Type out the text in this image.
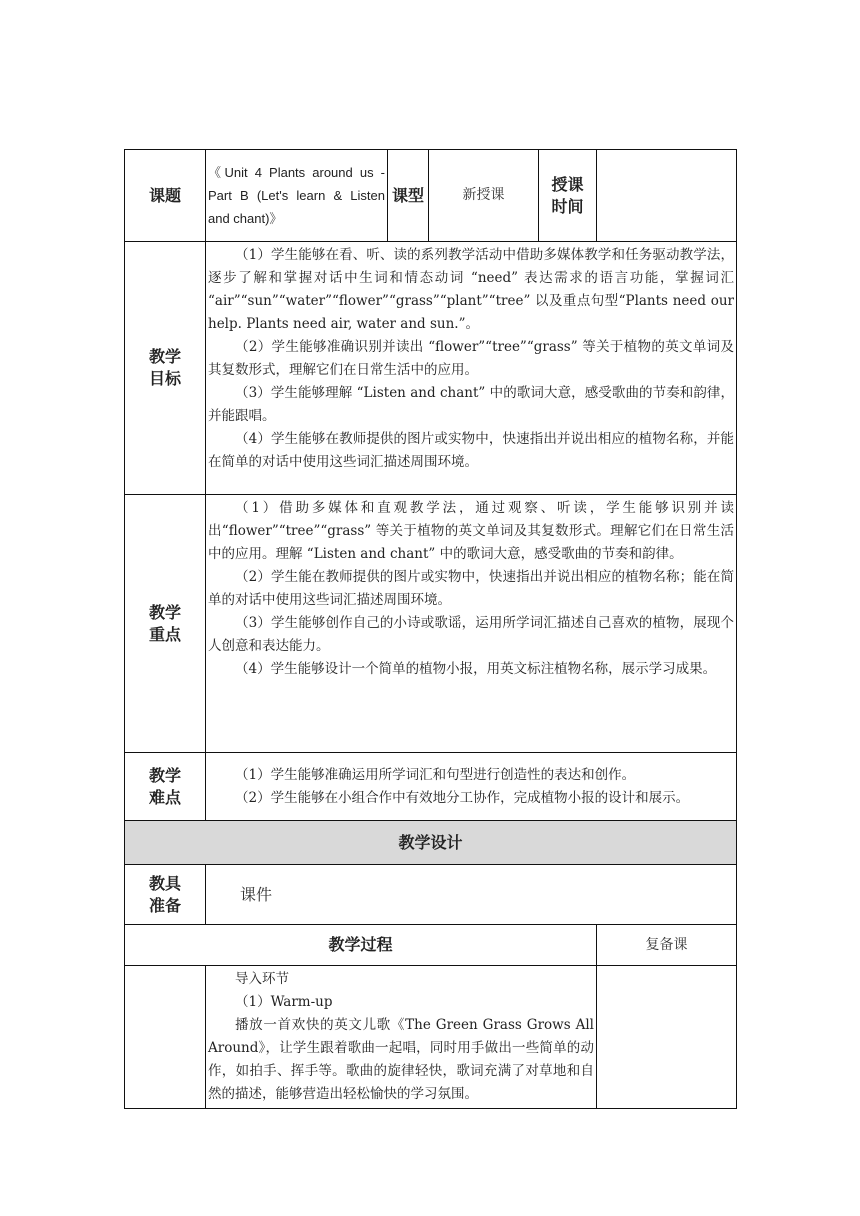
课题	《Unit 4 Plants around us - Part B (Let's learn & Listen and chant)》	课型	新授课	授课时间	
教学目标	（1）学生能够在看、听、读的系列教学活动中借助多媒体教学和任务驱动教学法，逐步了解和掌握对话中生词和情态动词 “need” 表达需求的语言功能，掌握词汇 “air”“sun”“water”“flower”“grass”“plant”“tree” 以及重点句型“Plants need our help. Plants need air, water and sun.”。

（2）学生能够准确识别并读出 “flower”“tree”“grass” 等关于植物的英文单词及其复数形式，理解它们在日常生活中的应用。

（3）学生能够理解 “Listen and chant” 中的歌词大意，感受歌曲的节奏和韵律，并能跟唱。

（4）学生能够在教师提供的图片或实物中，快速指出并说出相应的植物名称，并能在简单的对话中使用这些词汇描述周围环境。				

教学重点	（1）借助多媒体和直观教学法，通过观察、听读，学生能够识别并读出“flower”“tree”“grass” 等关于植物的英文单词及其复数形式。理解它们在日常生活中的应用。理解 “Listen and chant” 中的歌词大意，感受歌曲的节奏和韵律。

（2）学生能在教师提供的图片或实物中，快速指出并说出相应的植物名称；能在简单的对话中使用这些词汇描述周围环境。

（3）学生能够创作自己的小诗或歌谣，运用所学词汇描述自己喜欢的植物，展现个人创意和表达能力。

（4）学生能够设计一个简单的植物小报，用英文标注植物名称，展示学习成果。				

教学难点	（1）学生能够准确运用所学词汇和句型进行创造性的表达和创作。

（2）学生能够在小组合作中有效地分工协作，完成植物小报的设计和展示。				

教学设计					
教具准备	课件				
教学过程					复备课

	导入环节

（1）Warm-up

播放一首欢快的英文儿歌《The Green Grass Grows All Around》，让学生跟着歌曲一起唱，同时用手做出一些简单的动作，如拍手、挥手等。歌曲的旋律轻快，歌词充满了对草地和自然的描述，能够营造出轻松愉快的学习氛围。				
